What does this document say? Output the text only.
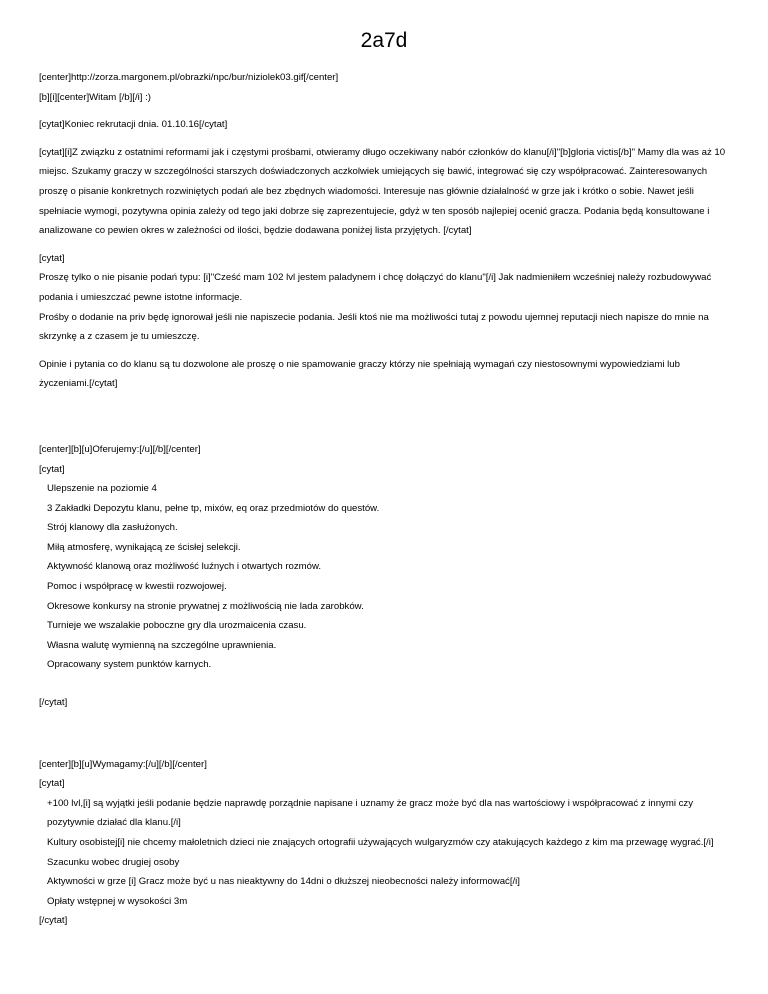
2a7d

[center]http://zorza.margonem.pl/obrazki/npc/bur/niziolek03.gif[/center]

[b][i][center]Witam [/b][/i] :)

[cytat]Koniec rekrutacji dnia. 01.10.16[/cytat]

[cytat][i]Z związku z ostatnimi reformami jak i częstymi prośbami, otwieramy długo oczekiwany nabór członków do klanu[/i]"[b]gloria victis[/b]" Mamy dla was aż 10 miejsc. Szukamy graczy w szczególności starszych doświadczonych aczkolwiek umiejących się bawić, integrować się czy współpracować. Zainteresowanych proszę o pisanie konkretnych rozwiniętych podań ale bez zbędnych wiadomości. Interesuje nas głównie działalność w grze jak i krótko o sobie. Nawet jeśli spełniacie wymogi, pozytywna opinia zależy od tego jaki dobrze się zaprezentujecie, gdyż w ten sposób najlepiej ocenić gracza. Podania będą konsultowane i analizowane co pewien okres w zależności od ilości, będzie dodawana poniżej lista przyjętych. [/cytat]

[cytat]

Proszę tylko o nie pisanie podań typu: [i]"Cześć mam 102 lvl jestem paladynem i chcę dołączyć do klanu"[/i] Jak nadmieniłem wcześniej należy rozbudowywać podania i umieszczać pewne istotne informacje.

Prośby o dodanie na priv będę ignorował jeśli nie napiszecie podania. Jeśli ktoś nie ma możliwości tutaj z powodu ujemnej reputacji niech napisze do mnie na skrzynkę a z czasem je tu umieszczę.

Opinie i pytania co do klanu są tu dozwolone ale proszę o nie spamowanie graczy którzy nie spełniają wymagań czy niestosownymi wypowiedziami lub życzeniami.[/cytat]

[center][b][u]Oferujemy:[/u][/b][/center]

[cytat]

Ulepszenie na poziomie 4

3 Zakładki Depozytu klanu, pełne tp, mixów, eq oraz przedmiotów do questów.

Strój klanowy dla zasłużonych.

Miłą atmosferę, wynikającą ze ścisłej selekcji.

Aktywność klanową oraz możliwość luźnych i otwartych rozmów.

Pomoc i współpracę w kwestii rozwojowej.

Okresowe konkursy na stronie prywatnej z możliwością nie lada zarobków.

Turnieje we wszalakie poboczne gry dla urozmaicenia czasu.

Własna walutę wymienną na szczególne uprawnienia.

Opracowany system punktów karnych.

[/cytat]

[center][b][u]Wymagamy:[/u][/b][/center]

[cytat]

+100 lvl,[i] są wyjątki jeśli podanie będzie naprawdę porządnie napisane i uznamy że gracz może być dla nas wartościowy i współpracować z innymi czy pozytywnie działać dla klanu.[/i]

Kultury osobistej[i] nie chcemy małoletnich dzieci nie znających ortografii używających wulgaryzmów czy atakujących każdego z kim ma przewagę wygrać.[/i]

Szacunku wobec drugiej osoby

Aktywności w grze [i] Gracz może być u nas nieaktywny do 14dni o dłuższej nieobecności należy informować[/i]

Opłaty wstępnej w wysokości 3m

[/cytat]
